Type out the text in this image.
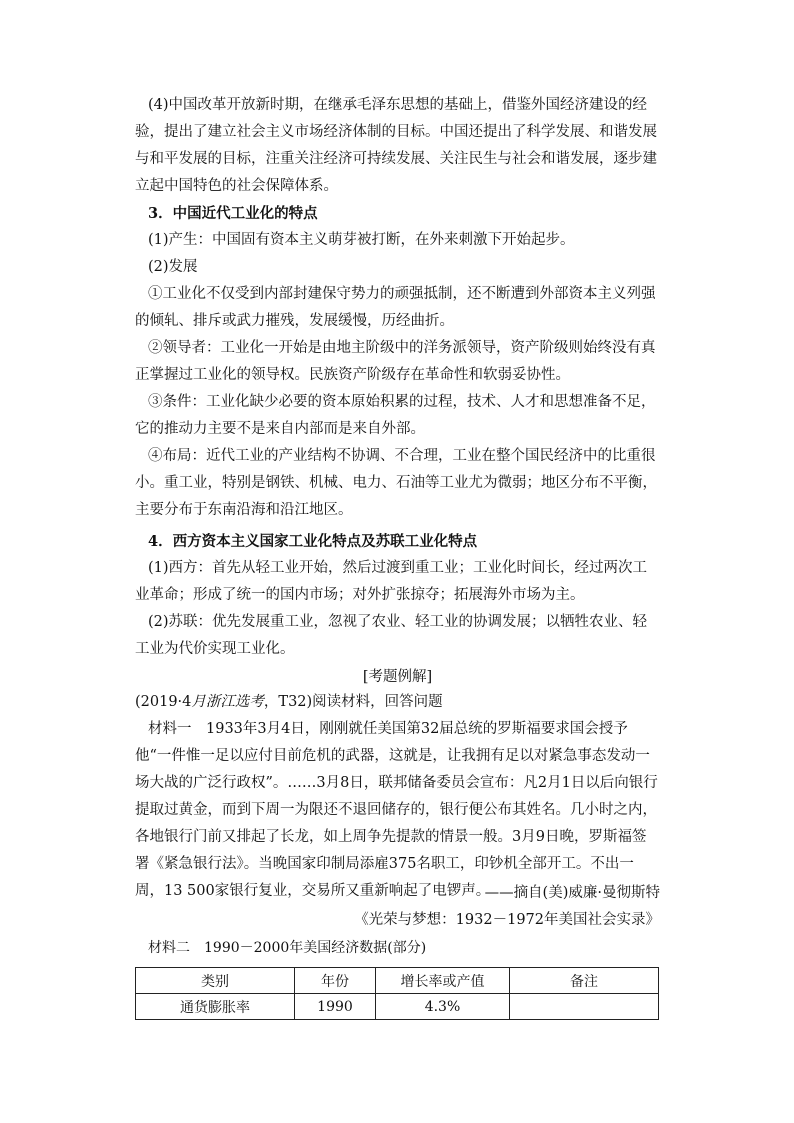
(4)中国改革开放新时期，在继承毛泽东思想的基础上，借鉴外国经济建设的经验，提出了建立社会主义市场经济体制的目标。中国还提出了科学发展、和谐发展与和平发展的目标，注重关注经济可持续发展、关注民生与社会和谐发展，逐步建立起中国特色的社会保障体系。

3．中国近代工业化的特点

(1)产生：中国固有资本主义萌芽被打断，在外来刺激下开始起步。

(2)发展

①工业化不仅受到内部封建保守势力的顽强抵制，还不断遭到外部资本主义列强的倾轧、排斥或武力摧残，发展缓慢，历经曲折。

②领导者：工业化一开始是由地主阶级中的洋务派领导，资产阶级则始终没有真正掌握过工业化的领导权。民族资产阶级存在革命性和软弱妥协性。

③条件：工业化缺少必要的资本原始积累的过程，技术、人才和思想准备不足，它的推动力主要不是来自内部而是来自外部。

④布局：近代工业的产业结构不协调、不合理，工业在整个国民经济中的比重很小。重工业，特别是钢铁、机械、电力、石油等工业尤为微弱；地区分布不平衡，主要分布于东南沿海和沿江地区。

4．西方资本主义国家工业化特点及苏联工业化特点

(1)西方：首先从轻工业开始，然后过渡到重工业；工业化时间长，经过两次工业革命；形成了统一的国内市场；对外扩张掠夺；拓展海外市场为主。

(2)苏联：优先发展重工业，忽视了农业、轻工业的协调发展；以牺牲农业、轻工业为代价实现工业化。

[考题例解]

(2019·4月浙江选考，T32)阅读材料，回答问题

材料一　1933年3月4日，刚刚就任美国第32届总统的罗斯福要求国会授予他“一件惟一足以应付目前危机的武器，这就是，让我拥有足以对紧急事态发动一场大战的广泛行政权”。……3月8日，联邦储备委员会宣布：凡2月1日以后向银行提取过黄金，而到下周一为限还不退回储存的，银行便公布其姓名。几小时之内，各地银行门前又排起了长龙，如上周争先提款的情景一般。3月9日晚，罗斯福签署《紧急银行法》。当晚国家印制局添雇375名职工，印钞机全部开工。不出一周，13 500家银行复业，交易所又重新响起了电锣声。

——摘自(美)威廉·曼彻斯特

《光荣与梦想：1932－1972年美国社会实录》

材料二　1990－2000年美国经济数据(部分)

类别	年份	增长率或产值	备注
通货膨胀率	1990	4.3%	
